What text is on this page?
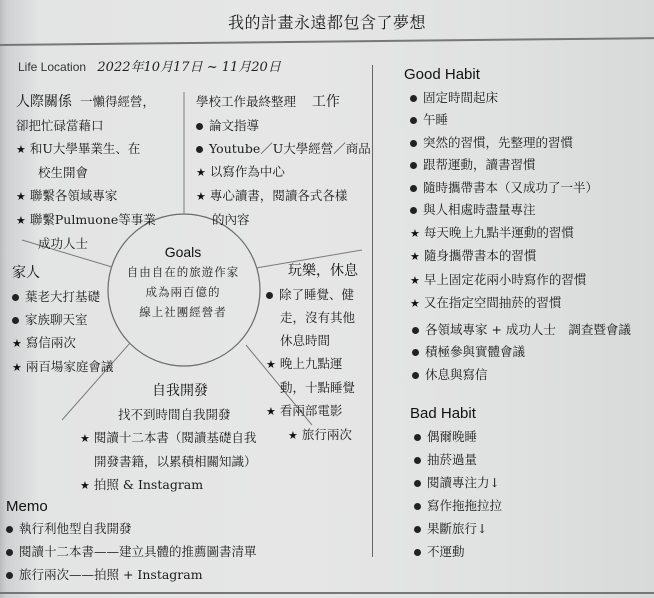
我的計畫永遠都包含了夢想
Life Location 2022年10月17日 ~ 11月20日
Goals
自由自在的旅遊作家
成為兩百億的
線上社團經營者
人際關係 一懶得經營，
卻把忙碌當藉口
★ 和U大學畢業生、在
校生開會
★ 聯繫各領域專家
★ 聯繫Pulmuone等事業
成功人士
學校工作最終整理 工作
論文指導
Youtube／U大學經營／商品
★ 以寫作為中心
★ 專心讀書，閱讀各式各樣
的內容
家人
葉老大打基礎
家族聊天室
★ 寫信兩次
★ 兩百場家庭會議
玩樂，休息
除了睡覺、健
走，沒有其他
休息時間
★ 晚上九點運
動，十點睡覺
★ 看兩部電影
★ 旅行兩次
自我開發
找不到時間自我開發
★ 閱讀十二本書（閱讀基礎自我
開發書籍，以累積相關知識）
★ 拍照 & Instagram
Memo
執行利他型自我開發
閱讀十二本書——建立具體的推薦圖書清單
旅行兩次——拍照 + Instagram
Good Habit
固定時間起床
午睡
突然的習慣，先整理的習慣
跟帮運動，讀書習慣
隨時攜帶書本（又成功了一半）
與人相處時盡量專注
★ 每天晚上九點半運動的習慣
★ 隨身攜帶書本的習慣
★ 早上固定花兩小時寫作的習慣
★ 又在指定空間抽菸的習慣
各領域專家 + 成功人士　調查暨會議
積極參與實體會議
休息與寫信
Bad Habit
偶爾晚睡
抽菸過量
閱讀專注力↓
寫作拖拖拉拉
果斷旅行↓
不運動
